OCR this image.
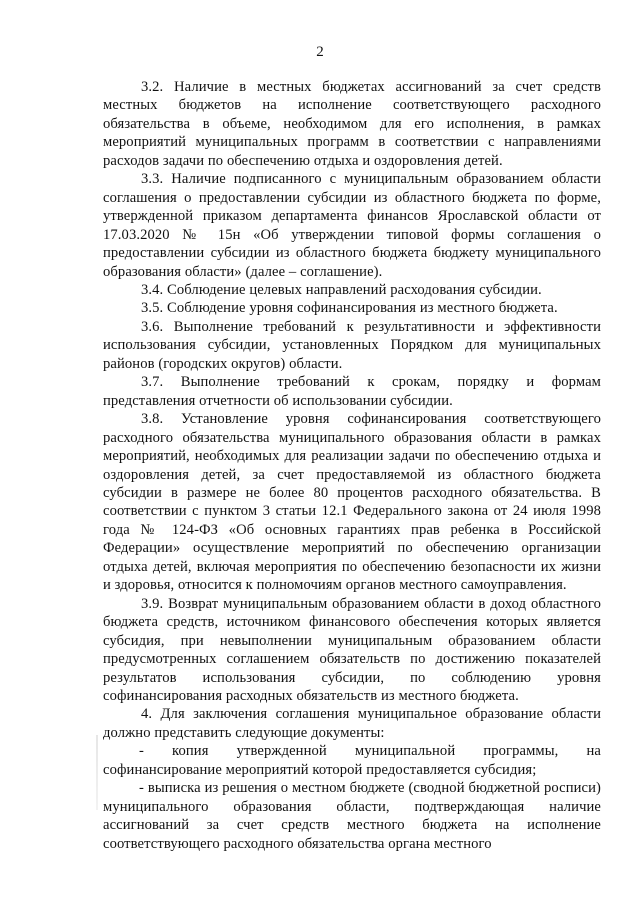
2

3.2. Наличие в местных бюджетах ассигнований за счет средств местных бюджетов на исполнение соответствующего расходного обязательства в объеме, необходимом для его исполнения, в рамках мероприятий муниципальных программ в соответствии с направлениями расходов задачи по обеспечению отдыха и оздоровления детей.

3.3. Наличие подписанного с муниципальным образованием области соглашения о предоставлении субсидии из областного бюджета по форме, утвержденной приказом департамента финансов Ярославской области от 17.03.2020 № 15н «Об утверждении типовой формы соглашения о предоставлении субсидии из областного бюджета бюджету муниципального образования области» (далее – соглашение).

3.4. Соблюдение целевых направлений расходования субсидии.

3.5. Соблюдение уровня софинансирования из местного бюджета.

3.6. Выполнение требований к результативности и эффективности использования субсидии, установленных Порядком для муниципальных районов (городских округов) области.

3.7. Выполнение требований к срокам, порядку и формам представления отчетности об использовании субсидии.

3.8. Установление уровня софинансирования соответствующего расходного обязательства муниципального образования области в рамках мероприятий, необходимых для реализации задачи по обеспечению отдыха и оздоровления детей, за счет предоставляемой из областного бюджета субсидии в размере не более 80 процентов расходного обязательства. В соответствии с пунктом 3 статьи 12.1 Федерального закона от 24 июля 1998 года № 124-ФЗ «Об основных гарантиях прав ребенка в Российской Федерации» осуществление мероприятий по обеспечению организации отдыха детей, включая мероприятия по обеспечению безопасности их жизни и здоровья, относится к полномочиям органов местного самоуправления.

3.9. Возврат муниципальным образованием области в доход областного бюджета средств, источником финансового обеспечения которых является субсидия, при невыполнении муниципальным образованием области предусмотренных соглашением обязательств по достижению показателей результатов использования субсидии, по соблюдению уровня софинансирования расходных обязательств из местного бюджета.

4. Для заключения соглашения муниципальное образование области должно представить следующие документы:

- копия утвержденной муниципальной программы, на софинансирование мероприятий которой предоставляется субсидия;

- выписка из решения о местном бюджете (сводной бюджетной росписи) муниципального образования области, подтверждающая наличие ассигнований за счет средств местного бюджета на исполнение соответствующего расходного обязательства органа местного
